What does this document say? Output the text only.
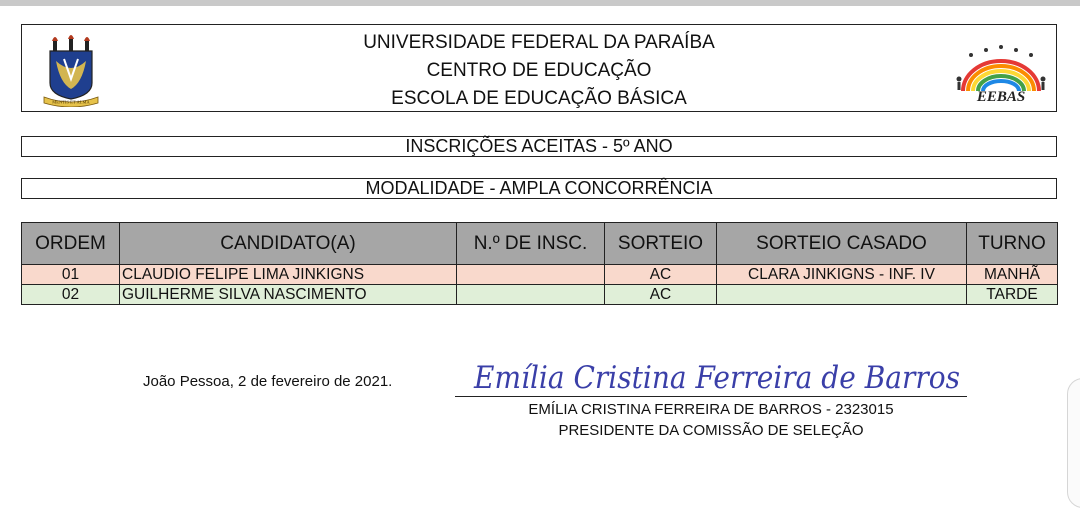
MENTIS ET ALMA
UNIVERSIDADE FEDERAL DA PARAÍBA
CENTRO DE EDUCAÇÃO
ESCOLA DE EDUCAÇÃO BÁSICA	EEBAS
INSCRIÇÕES ACEITAS - 5º ANO
MODALIDADE - AMPLA CONCORRÊNCIA
ORDEM	CANDIDATO(A)	N.º DE INSC.	SORTEIO	SORTEIO CASADO	TURNO
01	CLAUDIO FELIPE LIMA JINKIGNS		AC	CLARA JINKIGNS - INF. IV	MANHÃ
02	GUILHERME SILVA NASCIMENTO		AC		TARDE
João Pessoa, 2 de fevereiro de 2021.	Emília Cristina Ferreira de Barros
EMÍLIA CRISTINA FERREIRA DE BARROS - 2323015
PRESIDENTE DA COMISSÃO DE SELEÇÃO
